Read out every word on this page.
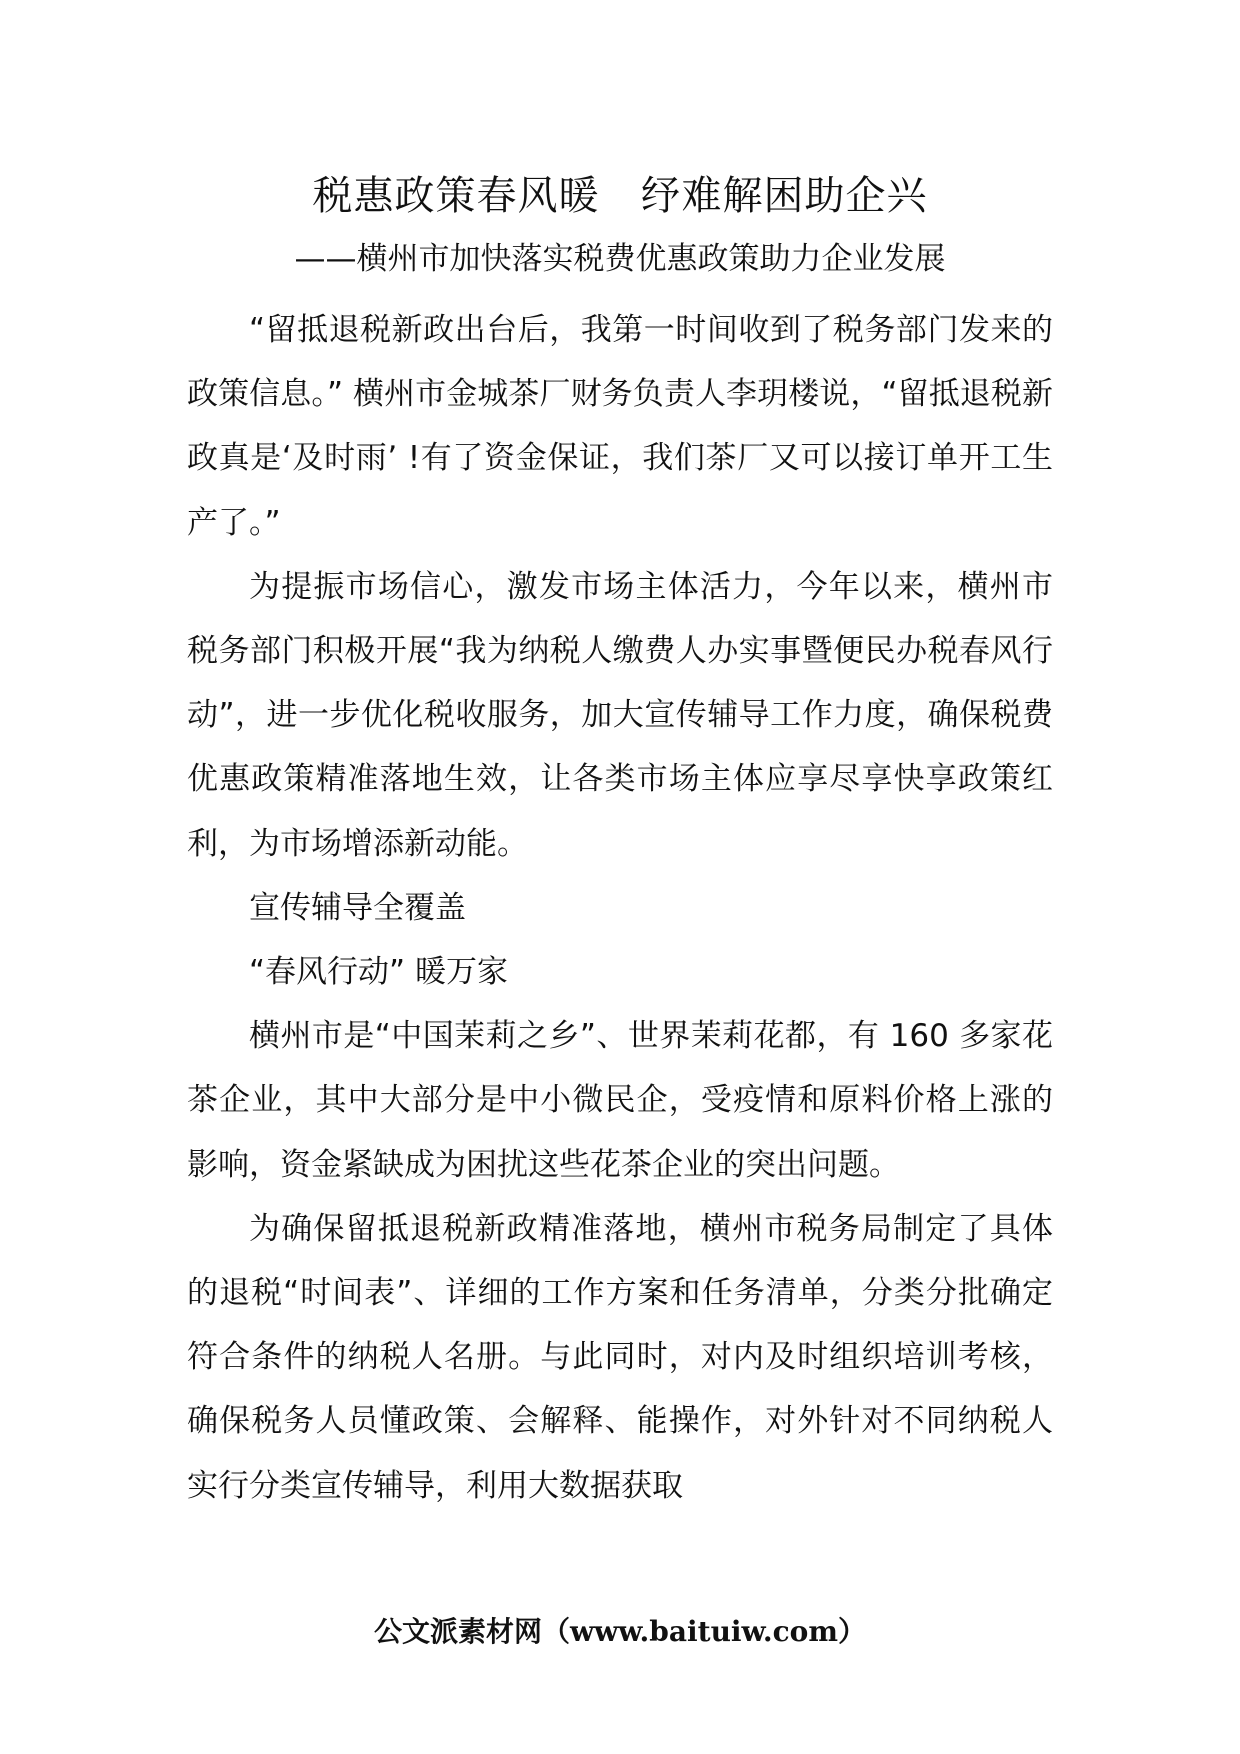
税惠政策春风暖　纾难解困助企兴
——横州市加快落实税费优惠政策助力企业发展

“留抵退税新政出台后，我第一时间收到了税务部门发来的政策信息。” 横州市金城茶厂财务负责人李玥楼说，“留抵退税新政真是‘及时雨’ !有了资金保证，我们茶厂又可以接订单开工生产了。”

为提振市场信心，激发市场主体活力，今年以来，横州市税务部门积极开展“我为纳税人缴费人办实事暨便民办税春风行动”，进一步优化税收服务，加大宣传辅导工作力度，确保税费优惠政策精准落地生效，让各类市场主体应享尽享快享政策红利，为市场增添新动能。

宣传辅导全覆盖

“春风行动” 暖万家

横州市是“中国茉莉之乡”、世界茉莉花都，有 160 多家花茶企业，其中大部分是中小微民企，受疫情和原料价格上涨的影响，资金紧缺成为困扰这些花茶企业的突出问题。

为确保留抵退税新政精准落地，横州市税务局制定了具体的退税“时间表”、详细的工作方案和任务清单，分类分批确定符合条件的纳税人名册。与此同时，对内及时组织培训考核，确保税务人员懂政策、会解释、能操作，对外针对不同纳税人实行分类宣传辅导，利用大数据获取

公文派素材网（www.baituiw.com）
